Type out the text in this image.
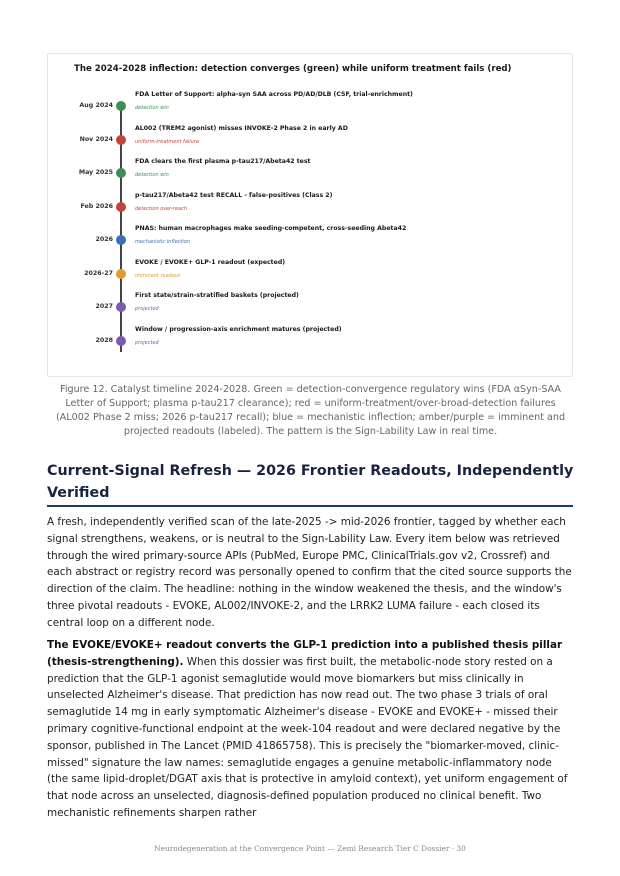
The 2024-2028 inflection: detection converges (green) while uniform treatment fails (red)
Aug 2024
FDA Letter of Support: alpha-syn SAA across PD/AD/DLB (CSF, trial-enrichment)
detection win
Nov 2024
AL002 (TREM2 agonist) misses INVOKE-2 Phase 2 in early AD
uniform-treatment failure
May 2025
FDA clears the first plasma p-tau217/Abeta42 test
detection win
Feb 2026
p-tau217/Abeta42 test RECALL - false-positives (Class 2)
detection over-reach
2026
PNAS: human macrophages make seeding-competent, cross-seeding Abeta42
mechanistic inflection
2026-27
EVOKE / EVOKE+ GLP-1 readout (expected)
imminent readout
2027
First state/strain-stratified baskets (projected)
projected
2028
Window / progression-axis enrichment matures (projected)
projected
Figure 12. Catalyst timeline 2024-2028. Green = detection-convergence regulatory wins (FDA αSyn-SAA Letter of Support; plasma p-tau217 clearance); red = uniform-treatment/over-broad-detection failures (AL002 Phase 2 miss; 2026 p-tau217 recall); blue = mechanistic inflection; amber/purple = imminent and projected readouts (labeled). The pattern is the Sign-Lability Law in real time.
Current-Signal Refresh — 2026 Frontier Readouts, Independently Verified

A fresh, independently verified scan of the late-2025 -> mid-2026 frontier, tagged by whether each signal strengthens, weakens, or is neutral to the Sign-Lability Law. Every item below was retrieved through the wired primary-source APIs (PubMed, Europe PMC, ClinicalTrials.gov v2, Crossref) and each abstract or registry record was personally opened to confirm that the cited source supports the direction of the claim. The headline: nothing in the window weakened the thesis, and the window's three pivotal readouts - EVOKE, AL002/INVOKE-2, and the LRRK2 LUMA failure - each closed its central loop on a different node.

The EVOKE/EVOKE+ readout converts the GLP-1 prediction into a published thesis pillar (thesis-strengthening). When this dossier was first built, the metabolic-node story rested on a prediction that the GLP-1 agonist semaglutide would move biomarkers but miss clinically in unselected Alzheimer's disease. That prediction has now read out. The two phase 3 trials of oral semaglutide 14 mg in early symptomatic Alzheimer's disease - EVOKE and EVOKE+ - missed their primary cognitive-functional endpoint at the week-104 readout and were declared negative by the sponsor, published in The Lancet (PMID 41865758). This is precisely the "biomarker-moved, clinic-missed" signature the law names: semaglutide engages a genuine metabolic-inflammatory node (the same lipid-droplet/DGAT axis that is protective in amyloid context), yet uniform engagement of that node across an unselected, diagnosis-defined population produced no clinical benefit. Two mechanistic refinements sharpen rather

Neurodegeneration at the Convergence Point — Zemi Research Tier C Dossier · 30
